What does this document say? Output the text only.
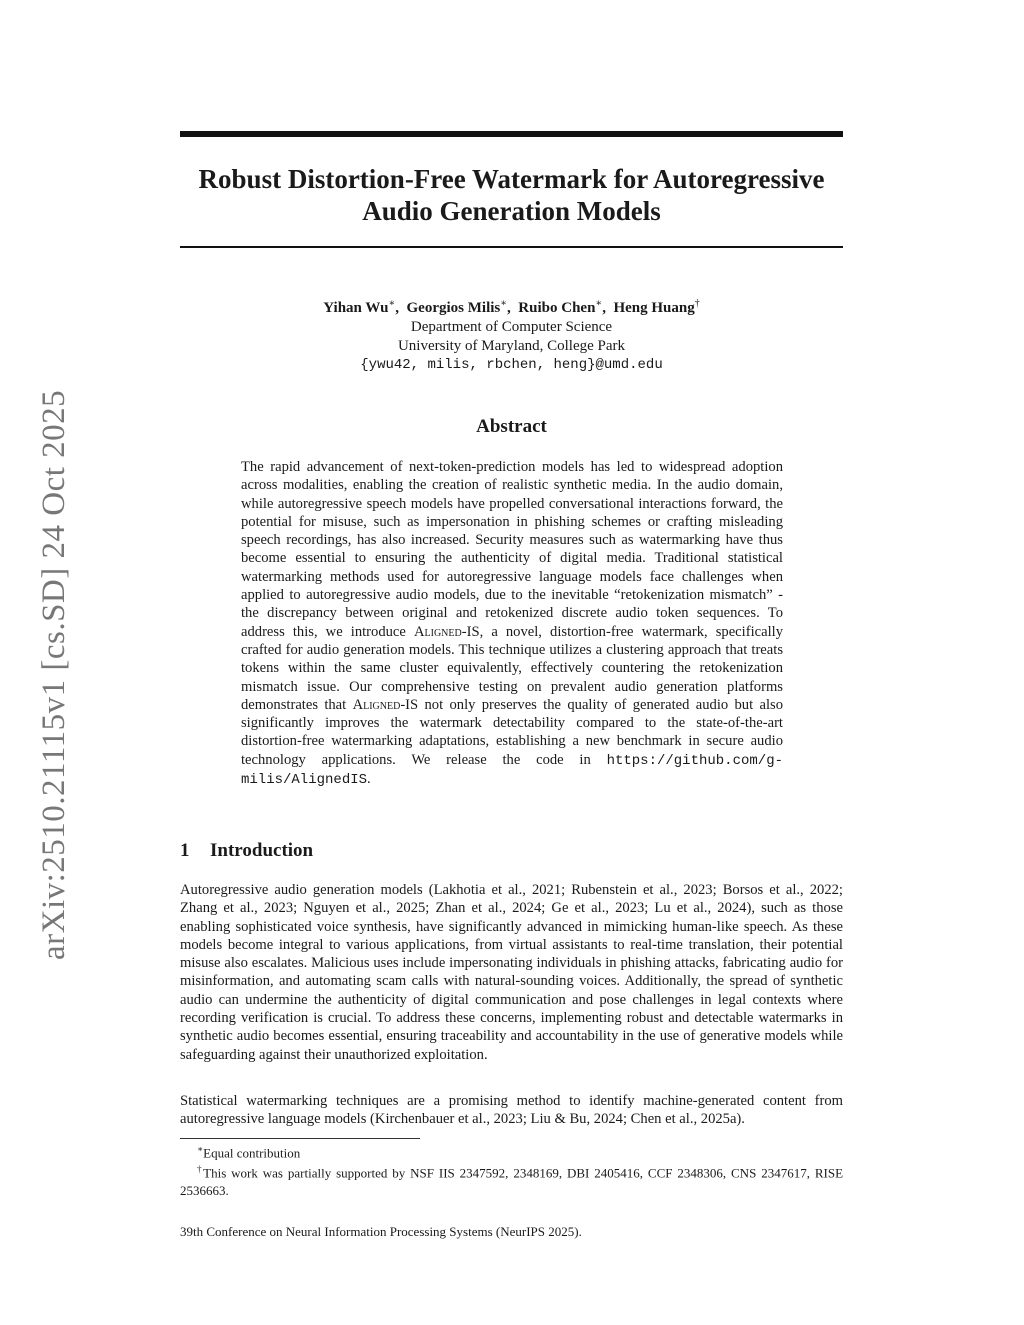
arXiv:2510.21115v1 [cs.SD] 24 Oct 2025
Robust Distortion-Free Watermark for Autoregressive
Audio Generation Models
Yihan Wu∗, Georgios Milis∗, Ruibo Chen∗, Heng Huang†
Department of Computer Science
University of Maryland, College Park
{ywu42, milis, rbchen, heng}@umd.edu
Abstract

The rapid advancement of next-token-prediction models has led to widespread adoption across modalities, enabling the creation of realistic synthetic media. In the audio domain, while autoregressive speech models have propelled conversational interactions forward, the potential for misuse, such as impersonation in phishing schemes or crafting misleading speech recordings, has also increased. Security measures such as watermarking have thus become essential to ensuring the authenticity of digital media. Traditional statistical watermarking methods used for autoregressive language models face challenges when applied to autoregressive audio models, due to the inevitable “retokenization mismatch” - the discrepancy between original and retokenized discrete audio token sequences. To address this, we introduce Aligned-IS, a novel, distortion-free watermark, specifically crafted for audio generation models. This technique utilizes a clustering approach that treats tokens within the same cluster equivalently, effectively countering the retokenization mismatch issue. Our comprehensive testing on prevalent audio generation platforms demonstrates that Aligned-IS not only preserves the quality of generated audio but also significantly improves the watermark detectability compared to the state-of-the-art distortion-free watermarking adaptations, establishing a new benchmark in secure audio technology applications. We release the code in https://github.com/g-milis/AlignedIS.

1 Introduction

Autoregressive audio generation models (Lakhotia et al., 2021; Rubenstein et al., 2023; Borsos et al., 2022; Zhang et al., 2023; Nguyen et al., 2025; Zhan et al., 2024; Ge et al., 2023; Lu et al., 2024), such as those enabling sophisticated voice synthesis, have significantly advanced in mimicking human-like speech. As these models become integral to various applications, from virtual assistants to real-time translation, their potential misuse also escalates. Malicious uses include impersonating individuals in phishing attacks, fabricating audio for misinformation, and automating scam calls with natural-sounding voices. Additionally, the spread of synthetic audio can undermine the authenticity of digital communication and pose challenges in legal contexts where recording verification is crucial. To address these concerns, implementing robust and detectable watermarks in synthetic audio becomes essential, ensuring traceability and accountability in the use of generative models while safeguarding against their unauthorized exploitation.

Statistical watermarking techniques are a promising method to identify machine-generated content from autoregressive language models (Kirchenbauer et al., 2023; Liu & Bu, 2024; Chen et al., 2025a).

∗Equal contribution
†This work was partially supported by NSF IIS 2347592, 2348169, DBI 2405416, CCF 2348306, CNS 2347617, RISE 2536663.
39th Conference on Neural Information Processing Systems (NeurIPS 2025).
